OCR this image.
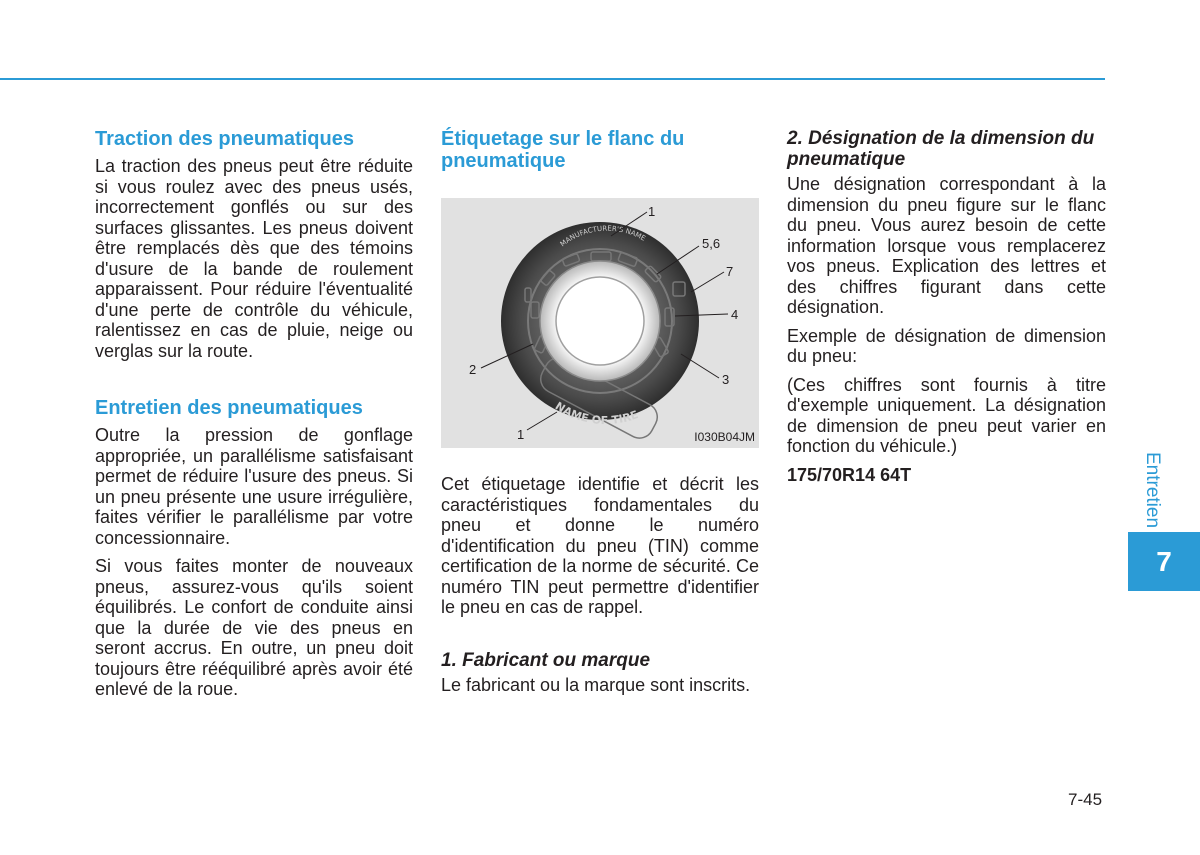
Traction des pneumatiques

La traction des pneus peut être réduite si vous roulez avec des pneus usés, incorrectement gonflés ou sur des surfaces glissantes. Les pneus doivent être remplacés dès que des témoins d'usure de la bande de roulement apparaissent. Pour réduire l'éventualité d'une perte de contrôle du véhicule, ralentissez en cas de pluie, neige ou verglas sur la route.

Entretien des pneumatiques

Outre la pression de gonflage appropriée, un parallélisme satisfaisant permet de réduire l'usure des pneus. Si un pneu présente une usure irrégulière, faites vérifier le parallélisme par votre concessionnaire.

Si vous faites monter de nouveaux pneus, assurez-vous qu'ils soient équilibrés. Le confort de conduite ainsi que la durée de vie des pneus en seront accrus. En outre, un pneu doit toujours être rééquilibré après avoir été enlevé de la roue.

Étiquetage sur le flanc du pneumatique
MANUFACTURER'S NAME
NAME OF TIRE
1
5,6
7
4
3
2
1	I030B04JM

Cet étiquetage identifie et décrit les caractéristiques fondamentales du pneu et donne le numéro d'identification du pneu (TIN) comme certification de la norme de sécurité. Ce numéro TIN peut permettre d'identifier le pneu en cas de rappel.

1. Fabricant ou marque

Le fabricant ou la marque sont inscrits.

2. Désignation de la dimension du pneumatique

Une désignation correspondant à la dimension du pneu figure sur le flanc du pneu. Vous aurez besoin de cette information lorsque vous remplacerez vos pneus. Explication des lettres et des chiffres figurant dans cette désignation.

Exemple de désignation de dimension du pneu:

(Ces chiffres sont fournis à titre d'exemple uniquement. La désignation de dimension de pneu peut varier en fonction du véhicule.)

175/70R14 64T	Entretien
7
7-45
